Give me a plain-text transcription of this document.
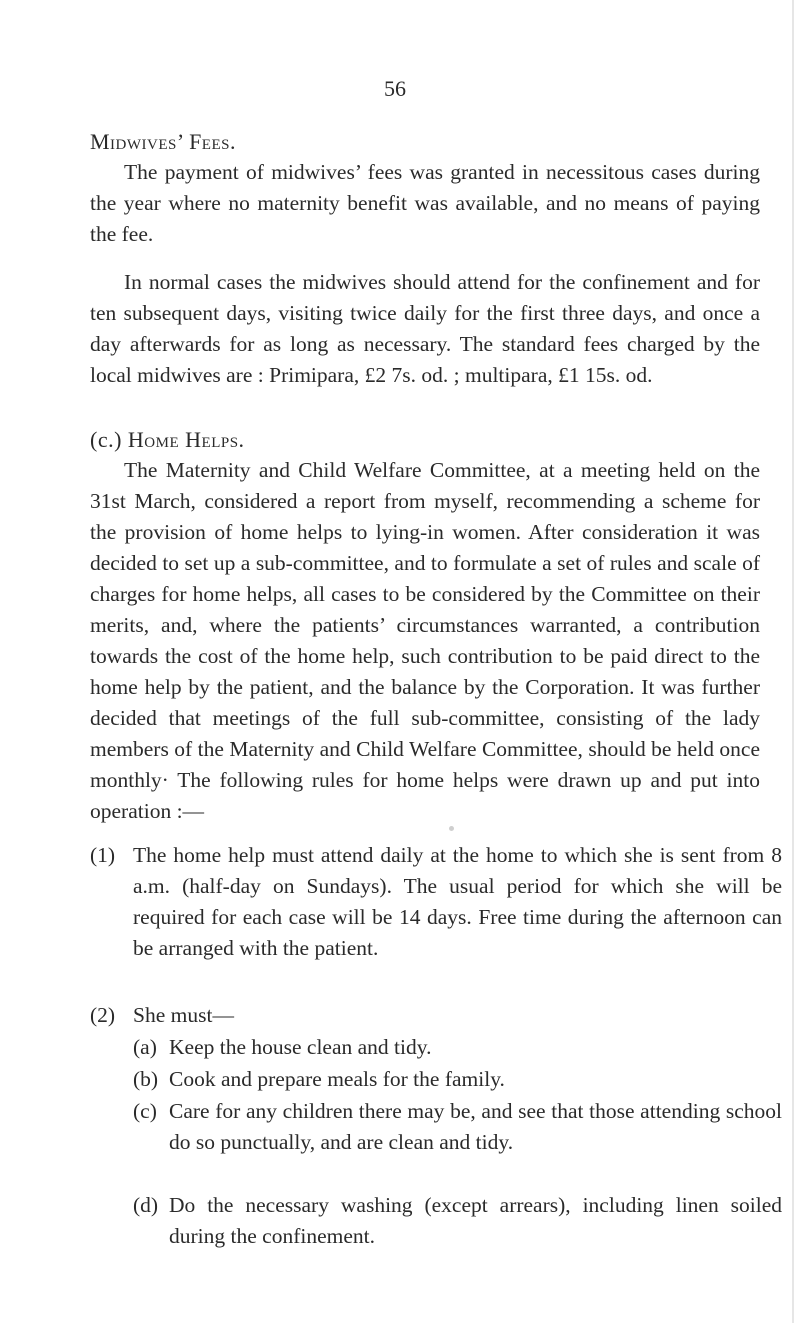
56
Midwives’ Fees.
The payment of midwives’ fees was granted in necessitous cases during the year where no maternity benefit was available, and no means of paying the fee.
In normal cases the midwives should attend for the confinement and for ten subsequent days, visiting twice daily for the first three days, and once a day afterwards for as long as necessary. The standard fees charged by the local midwives are : Primipara, £2 7s. od. ; multipara, £1 15s. od.
(c.) Home Helps.
The Maternity and Child Welfare Committee, at a meeting held on the 31st March, considered a report from myself, recommending a scheme for the provision of home helps to lying-in women. After consideration it was decided to set up a sub-committee, and to formulate a set of rules and scale of charges for home helps, all cases to be considered by the Committee on their merits, and, where the patients’ circumstances warranted, a contribution towards the cost of the home help, such contribution to be paid direct to the home help by the patient, and the balance by the Corporation. It was further decided that meetings of the full sub-committee, consisting of the lady members of the Maternity and Child Welfare Committee, should be held once monthly· The following rules for home helps were drawn up and put into operation :—
(1) The home help must attend daily at the home to which she is sent from 8 a.m. (half-day on Sundays). The usual period for which she will be required for each case will be 14 days. Free time during the afternoon can be arranged with the patient.
(2) She must—
(a) Keep the house clean and tidy.
(b) Cook and prepare meals for the family.
(c) Care for any children there may be, and see that those attending school do so punctually, and are clean and tidy.
(d) Do the necessary washing (except arrears), including linen soiled during the confinement.
